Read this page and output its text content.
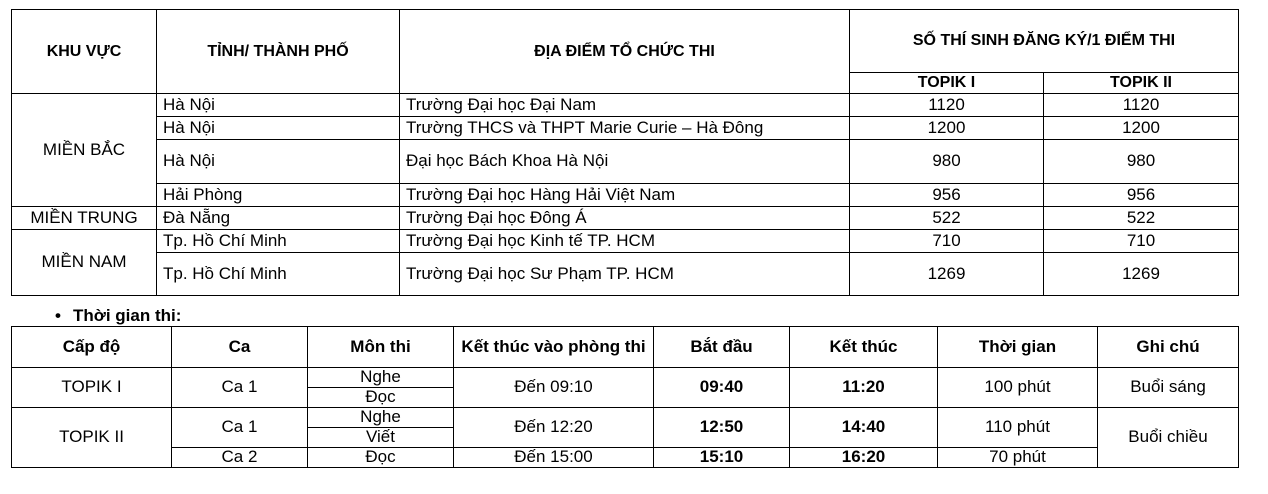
KHU VỰC	TỈNH/ THÀNH PHỐ	ĐỊA ĐIỂM TỔ CHỨC THI	SỐ THÍ SINH ĐĂNG KÝ/1 ĐIỂM THI	
			TOPIK I	TOPIK II
MIỀN BẮC	Hà Nội	Trường Đại học Đại Nam	1120	1120
	Hà Nội	Trường THCS và THPT Marie Curie – Hà Đông	1200	1200
	Hà Nội	Đại học Bách Khoa Hà Nội	980	980
	Hải Phòng	Trường Đại học Hàng Hải Việt Nam	956	956
MIỀN TRUNG	Đà Nẵng	Trường Đại học Đông Á	522	522
MIỀN NAM	Tp. Hồ Chí Minh	Trường Đại học Kinh tế TP. HCM	710	710
	Tp. Hồ Chí Minh	Trường Đại học Sư Phạm TP. HCM	1269	1269
• Thời gian thi:
Cấp độ	Ca	Môn thi	Kết thúc vào phòng thi	Bắt đầu	Kết thúc	Thời gian	Ghi chú
TOPIK I	Ca 1	Nghe	Đến 09:10	09:40	11:20	100 phút	Buổi sáng
		Đọc					
TOPIK II	Ca 1	Nghe	Đến 12:20	12:50	14:40	110 phút	Buổi chiều
		Viết					
	Ca 2	Đọc	Đến 15:00	15:10	16:20	70 phút	
